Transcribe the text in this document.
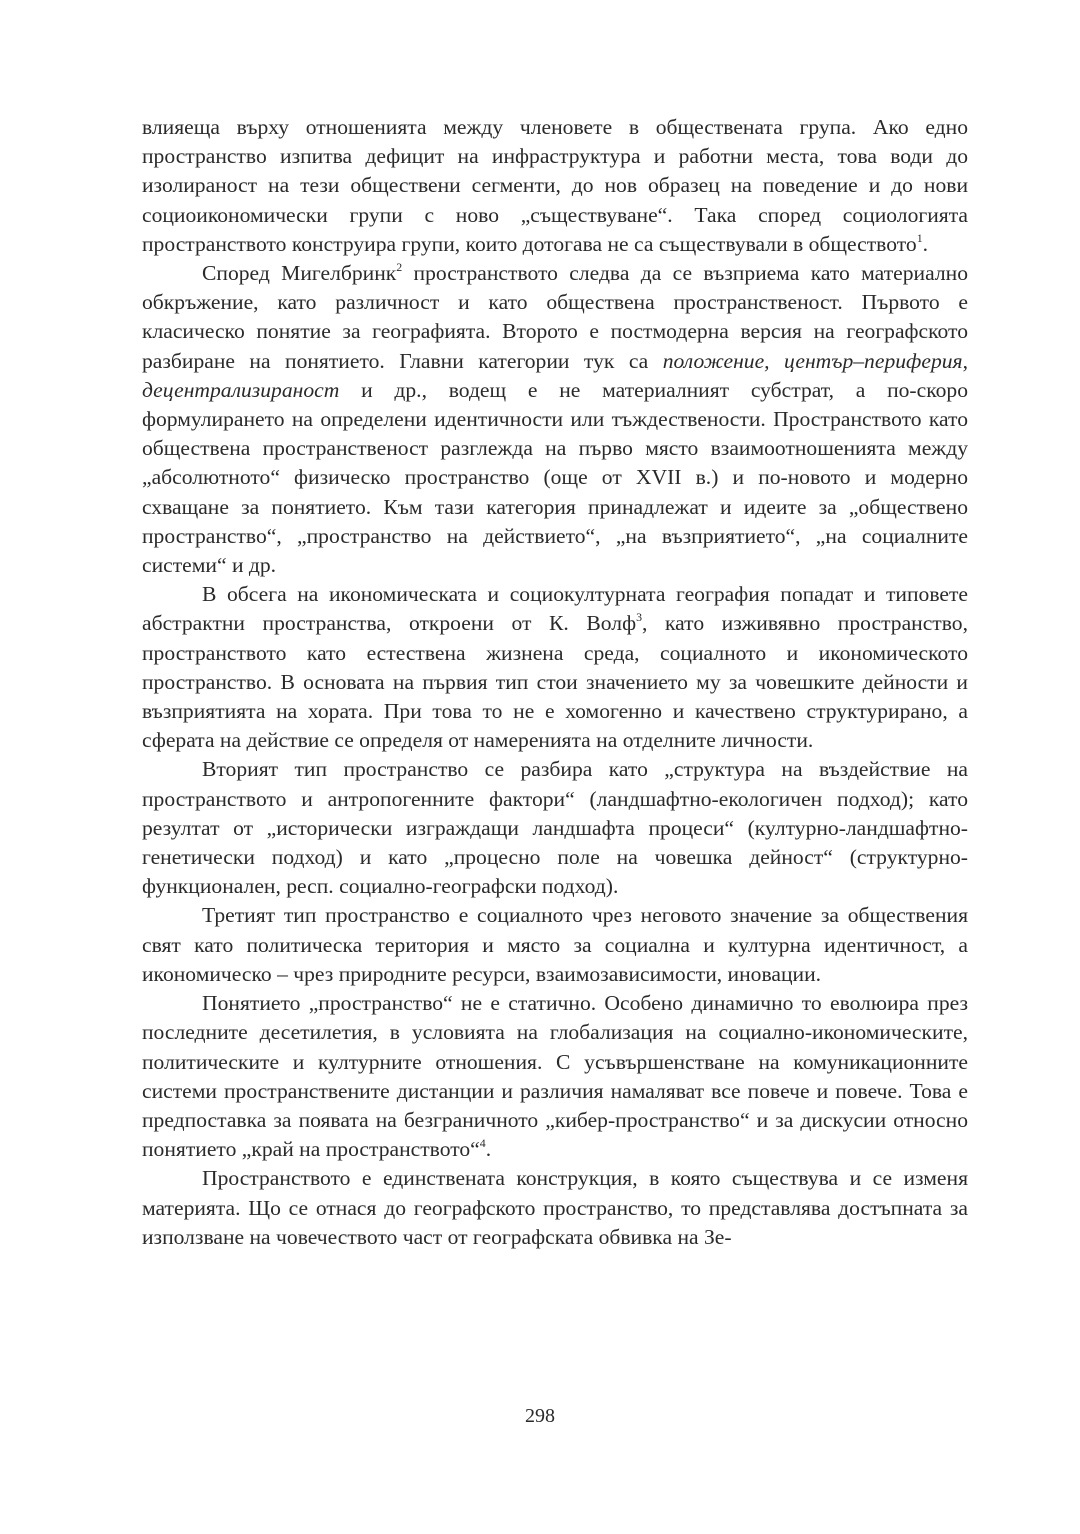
влияеща върху отношенията между членовете в обществената група. Ако едно пространство изпитва дефицит на инфраструктура и работни места, това води до изолираност на тези обществени сегменти, до нов образец на поведение и до нови социоикономически групи с ново „съществуване“. Така според социологията пространството конструира групи, които дотогава не са съществували в обществото$^1$.

Според Мигелбринк$^2$ пространството следва да се възприема като материално обкръжение, като различност и като обществена пространственост. Първото е класическо понятие за географията. Второто е постмодерна версия на географското разбиране на понятието. Главни категории тук са положение, център–периферия, децентрализираност и др., водещ е не материалният субстрат, а по-скоро формулирането на определени идентичности или тъждествености. Пространството като обществена пространственост разглежда на първо място взаимоотношенията между „абсолютното“ физическо пространство (още от XVII в.) и по-новото и модерно схващане за понятието. Към тази категория принадлежат и идеите за „обществено пространство“, „пространство на действието“, „на възприятието“, „на социалните системи“ и др.

В обсега на икономическата и социокултурната география попадат и типовете абстрактни пространства, откроени от К. Волф$^3$, като изживявно пространство, пространството като естествена жизнена среда, социалното и икономическото пространство. В основата на първия тип стои значението му за човешките дейности и възприятията на хората. При това то не е хомогенно и качествено структурирано, а сферата на действие се определя от намеренията на отделните личности.

Вторият тип пространство се разбира като „структура на въздействие на пространството и антропогенните фактори“ (ландшафтно-екологичен подход); като резултат от „исторически изграждащи ландшафта процеси“ (културно-ландшафтно-генетически подход) и като „процесно поле на човешка дейност“ (структурно-функционален, респ. социално-географски подход).

Третият тип пространство е социалното чрез неговото значение за обществения свят като политическа територия и място за социална и културна идентичност, а икономическо – чрез природните ресурси, взаимозависимости, иновации.

Понятието „пространство“ не е статично. Особено динамично то еволюира през последните десетилетия, в условията на глобализация на социално-икономическите, политическите и културните отношения. С усъвършенстване на комуникационните системи пространствените дистанции и различия намаляват все повече и повече. Това е предпоставка за появата на безграничното „кибер-пространство“ и за дискусии относно понятието „край на пространството“$^4$.

Пространството е единствената конструкция, в която съществува и се изменя материята. Що се отнася до географското пространство, то представлява достъпната за използване на човечеството част от географската обвивка на Зе-

298
